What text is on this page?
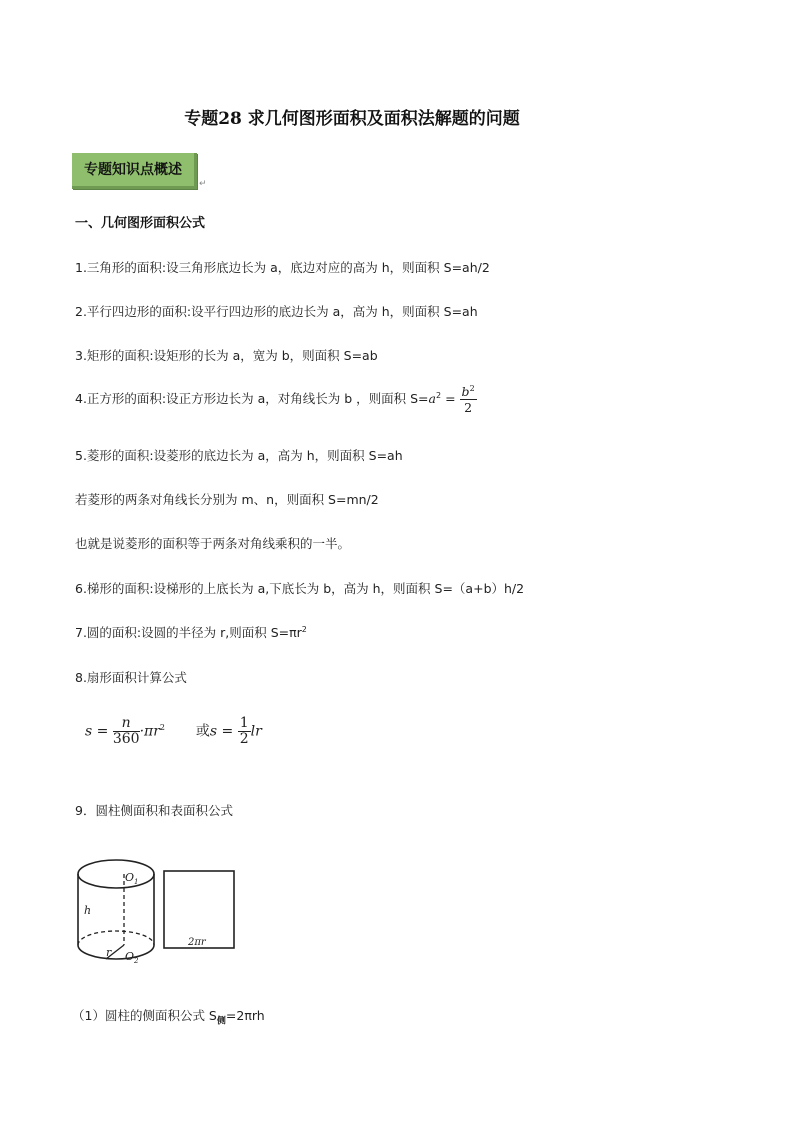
专题28 求几何图形面积及面积法解题的问题
专题知识点概述↵
一、几何图形面积公式
1.三角形的面积:设三角形底边长为 a，底边对应的高为 h，则面积 S=ah/2
2.平行四边形的面积:设平行四边形的底边长为 a，高为 h，则面积 S=ah
3.矩形的面积:设矩形的长为 a，宽为 b，则面积 S=ab
4.正方形的面积:设正方形边长为 a，对角线长为 b ，则面积 $S=a^2 = \frac{b^2}{2}$
5.菱形的面积:设菱形的底边长为 a，高为 h，则面积 S=ah
若菱形的两条对角线长分别为 m、n，则面积 S=mn/2
也就是说菱形的面积等于两条对角线乘积的一半。
6.梯形的面积:设梯形的上底长为 a,下底长为 b，高为 h，则面积 S=（a+b）h/2
7.圆的面积:设圆的半径为 r,则面积 $S=\pi r^2$
8.扇形面积计算公式
$s = \frac{n}{360} \cdot\pi r^2$ 或$s = \frac{1}{2}$ lr
9．圆柱侧面积和表面积公式
$O_1$
$O_2$
h
r
2πr
（1）圆柱的侧面积公式 $S_侧=2\pi rh$
